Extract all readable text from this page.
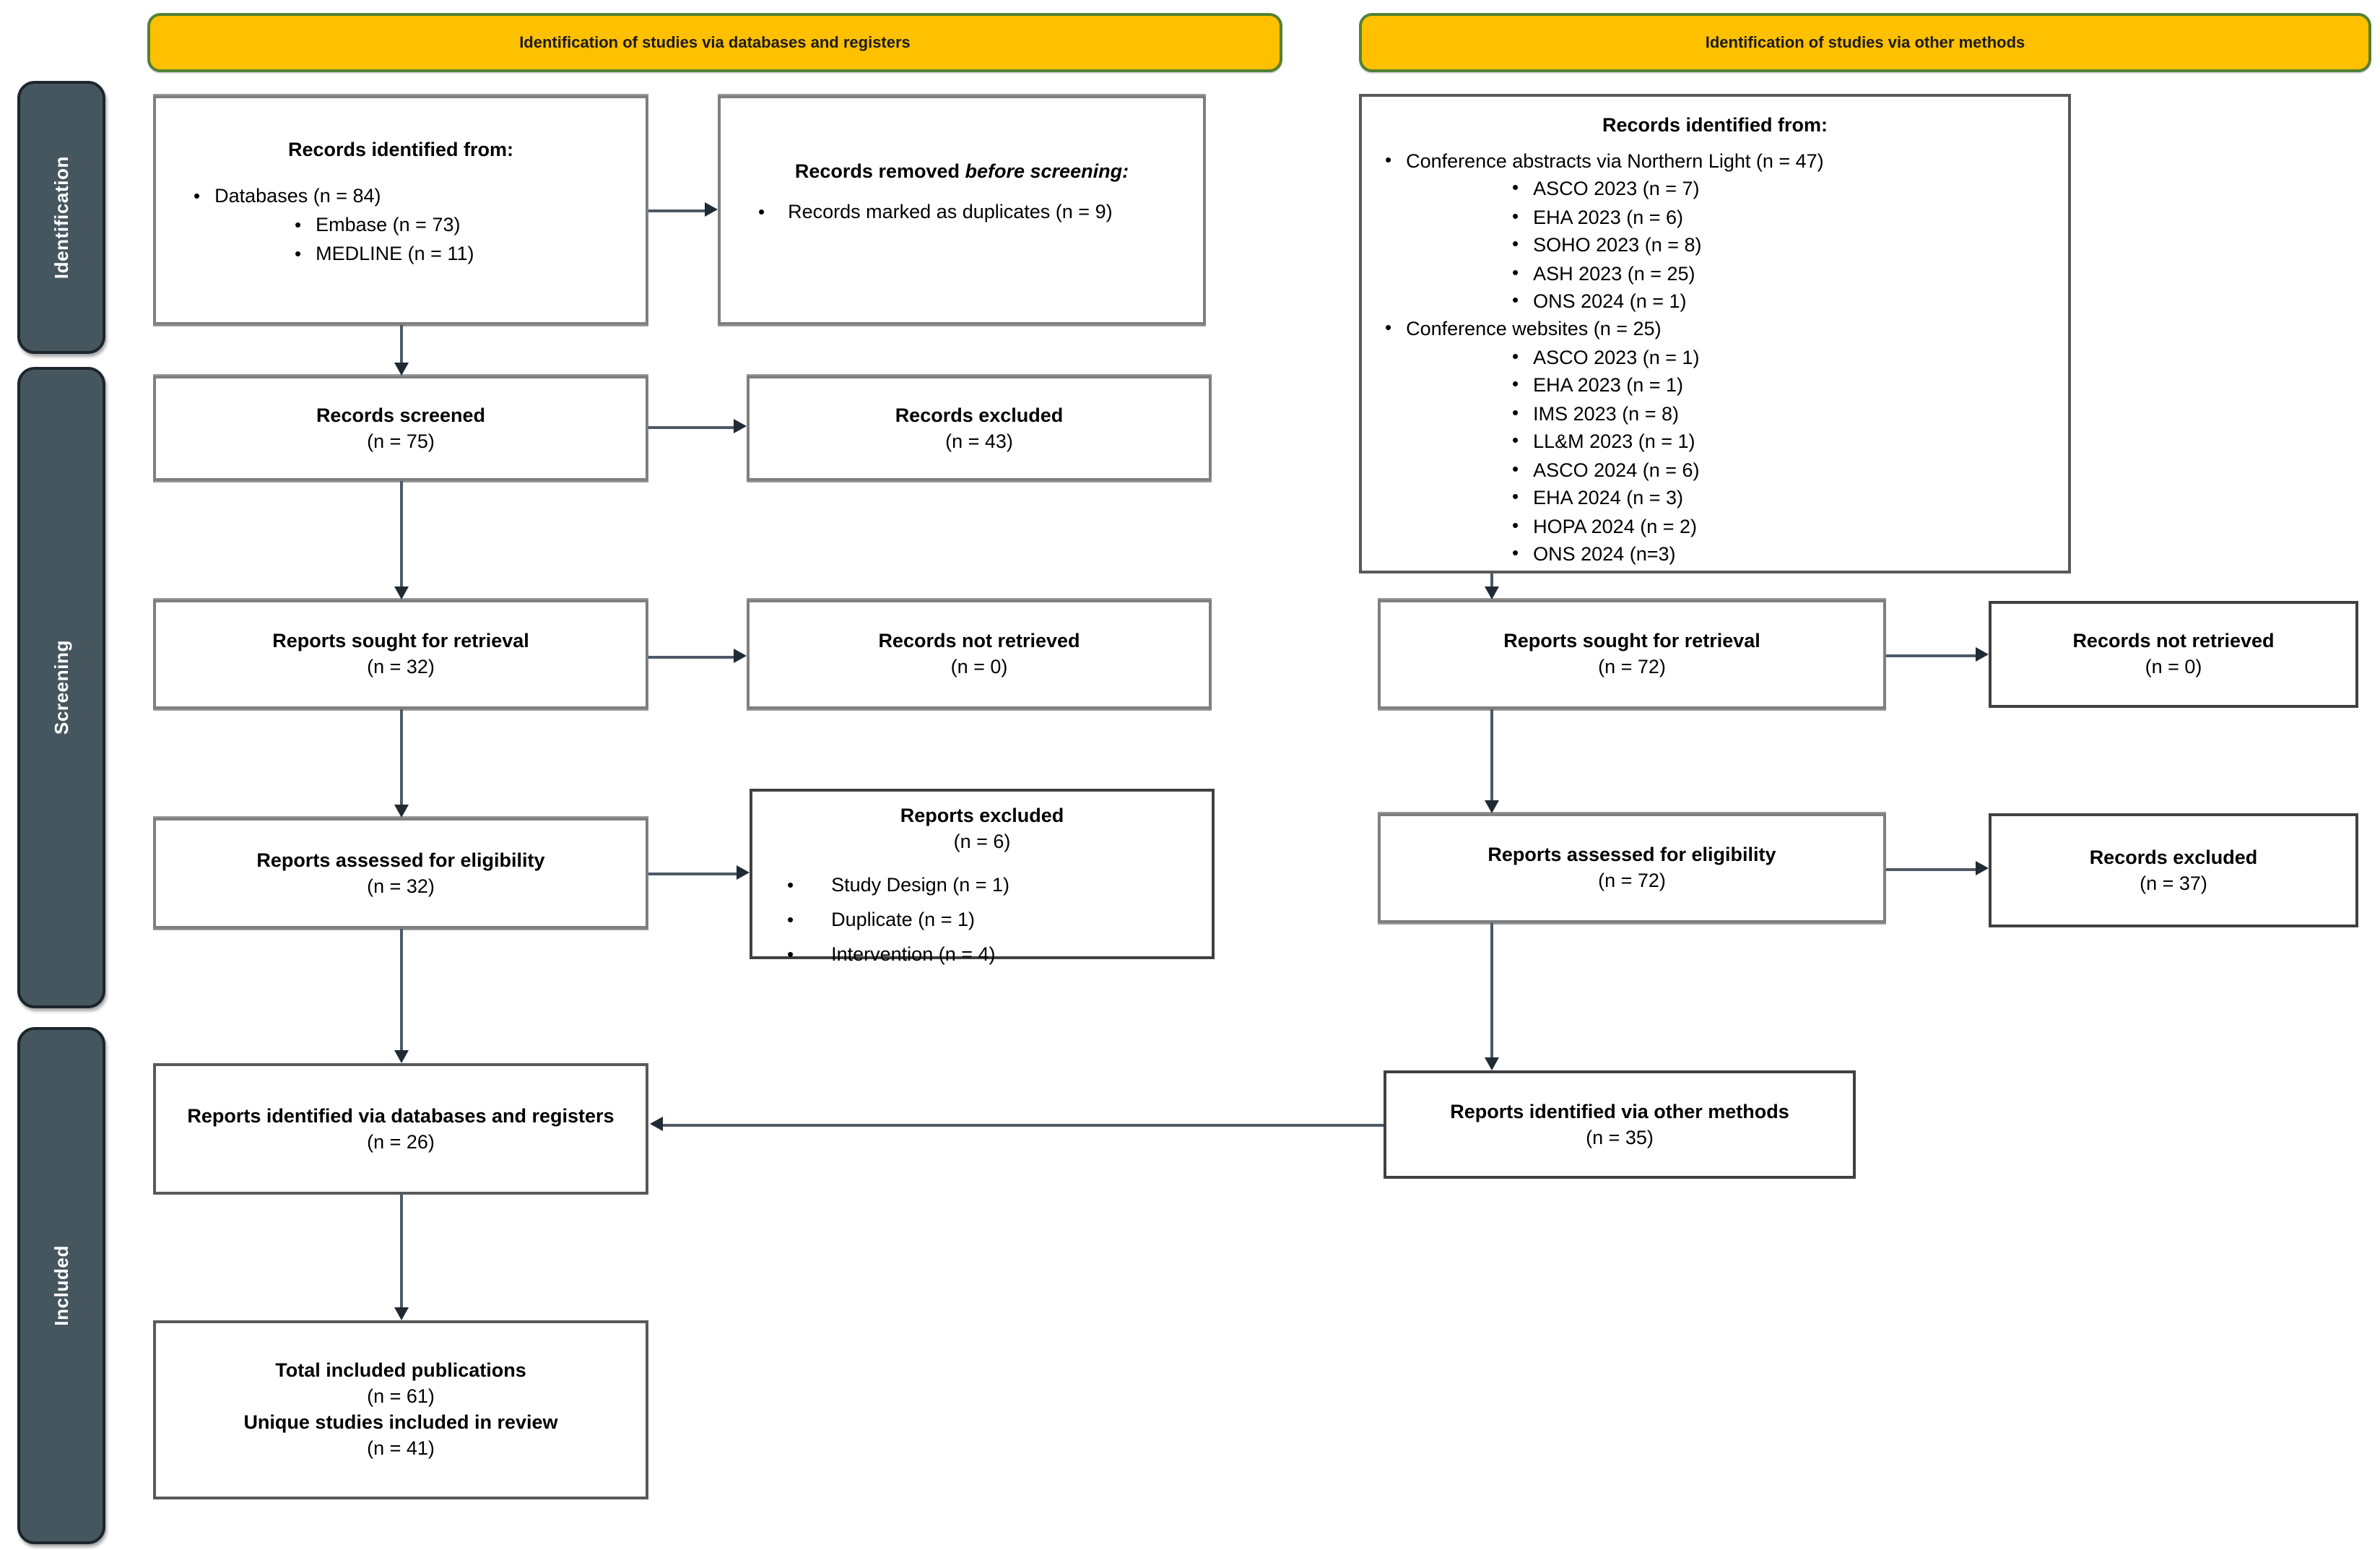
Identification of studies via databases and registers	Identification of studies via other methods
Identification
Screening
Included
Records identified from:
• Databases (n = 84)
• Embase (n = 73)
• MEDLINE (n = 11)
Records removed before screening:
• Records marked as duplicates (n = 9)
Records screened
(n = 75)
Records excluded
(n = 43)
Reports sought for retrieval
(n = 32)
Records not retrieved
(n = 0)
Reports assessed for eligibility
(n = 32)
Reports excluded
(n = 6)
•	Study Design (n = 1)
•	Duplicate (n = 1)
•	Intervention (n = 4)
Reports identified via databases and registers
(n = 26)
Total included publications
(n = 61)
Unique studies included in review
(n = 41)
Records identified from:
• Conference abstracts via Northern Light (n = 47)
• ASCO 2023 (n = 7)
• EHA 2023 (n = 6)
• SOHO 2023 (n = 8)
• ASH 2023 (n = 25)
• ONS 2024 (n = 1)
• Conference websites (n = 25)
• ASCO 2023 (n = 1)
• EHA 2023 (n = 1)
• IMS 2023 (n = 8)
• LL&M 2023 (n = 1)
• ASCO 2024 (n = 6)
• EHA 2024 (n = 3)
• HOPA 2024 (n = 2)
• ONS 2024 (n=3)
Reports sought for retrieval
(n = 72)
Records not retrieved
(n = 0)
Reports assessed for eligibility
(n = 72)
Records excluded
(n = 37)
Reports identified via other methods
(n = 35)
